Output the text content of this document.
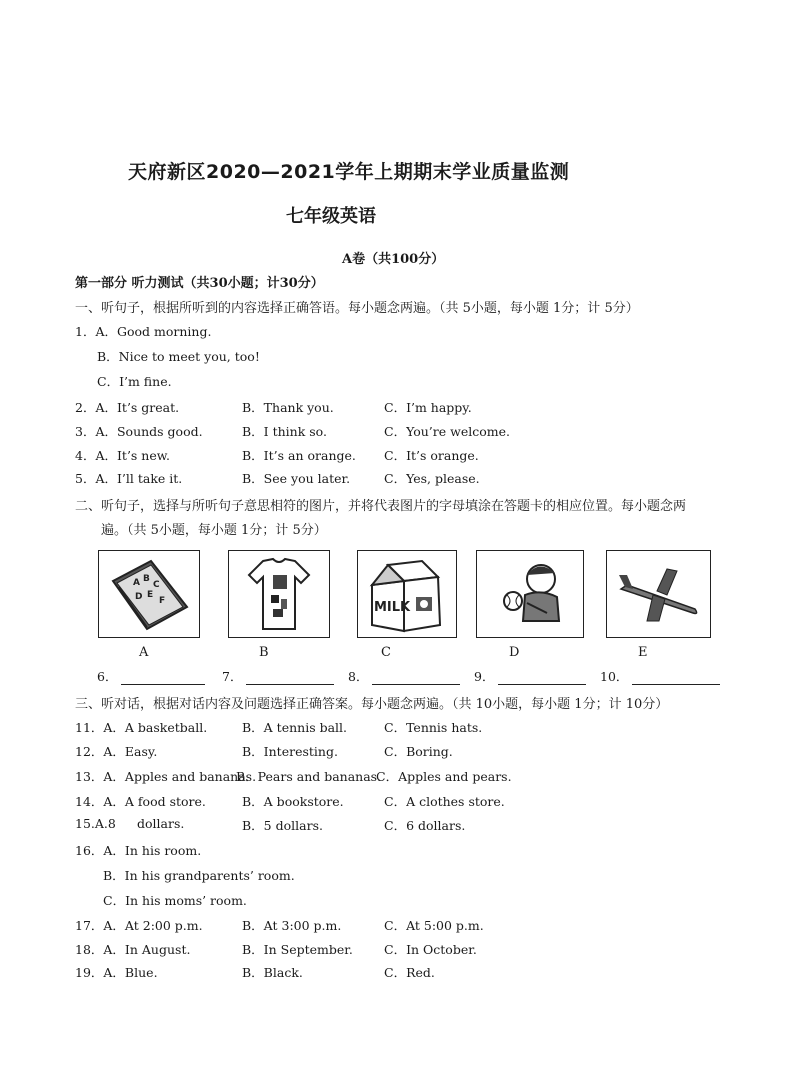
天府新区2020—2021学年上期期末学业质量监测
七年级英语
A卷（共100分）
第一部分 听力测试（共30小题；计30分）
一、听句子，根据所听到的内容选择正确答语。每小题念两遍。（共 5小题，每小题 1分；计 5分）
1．A．Good morning.
B．Nice to meet you, too!
C．I’m fine.
2．A．It’s great.	B．Thank you.	C．I’m happy.
3．A．Sounds good.	B．I think so.	C．You’re welcome.
4．A．It’s new.	B．It’s an orange. C．It’s orange.
5．A．I’ll take it.	B．See you later.	C．Yes, please.
二、听句子，选择与所听句子意思相符的图片，并将代表图片的字母填涂在答题卡的相应位置。每小题念两
遍。（共 5小题，每小题 1分；计 5分）
A B
C
D E
F	MILK
A	B	C	D	E
6．	7．	8．	9．	10．
三、听对话，根据对话内容及问题选择正确答案。每小题念两遍。（共 10小题，每小题 1分；计 10分）
11．A．A basketball.	B．A tennis ball.	C．Tennis hats.
12．A．Easy.	B．Interesting.	C．Boring.
13．A．Apples and bananas.
B．Pears and bananas.
C．Apples and pears.
14．A．A food store.	B．A bookstore.	C．A clothes store.
15.A.8 dollars.	B．5 dollars.	C．6 dollars.
16．A．In his room.
B．In his grandparents’ room.
C．In his moms’ room.
17．A．At 2:00 p.m.	B．At 3:00 p.m.	C．At 5:00 p.m.
18．A．In August.	B．In September. C．In October.
19．A．Blue.	B．Black.	C．Red.
